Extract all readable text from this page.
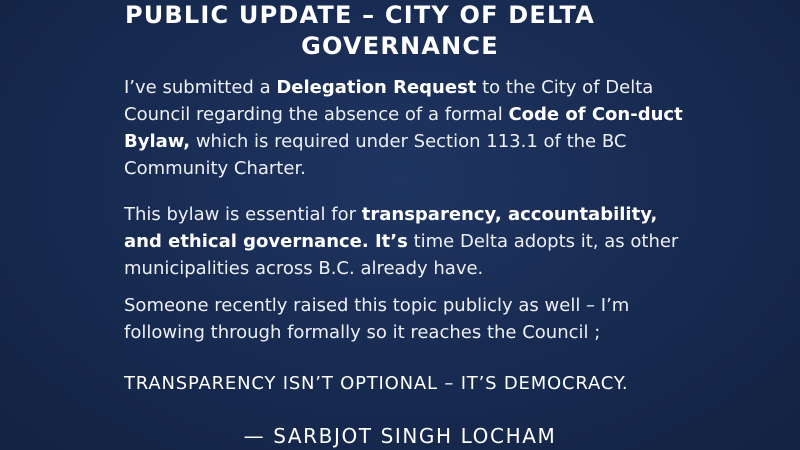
PUBLIC UPDATE – CITY OF DELTA
GOVERNANCE

I’ve submitted a Delegation Request to the City of Delta Council regarding the absence of a formal Code of Con-duct Bylaw, which is required under Section 113.1 of the BC Community Charter.

This bylaw is essential for transparency, accountability, and ethical governance. It’s time Delta adopts it, as other municipalities across B.C. already have.

Someone recently raised this topic publicly as well – I’m following through formally so it reaches the Council ;

TRANSPARENCY ISN’T OPTIONAL – IT’S DEMOCRACY.

— SARBJOT SINGH LOCHAM
